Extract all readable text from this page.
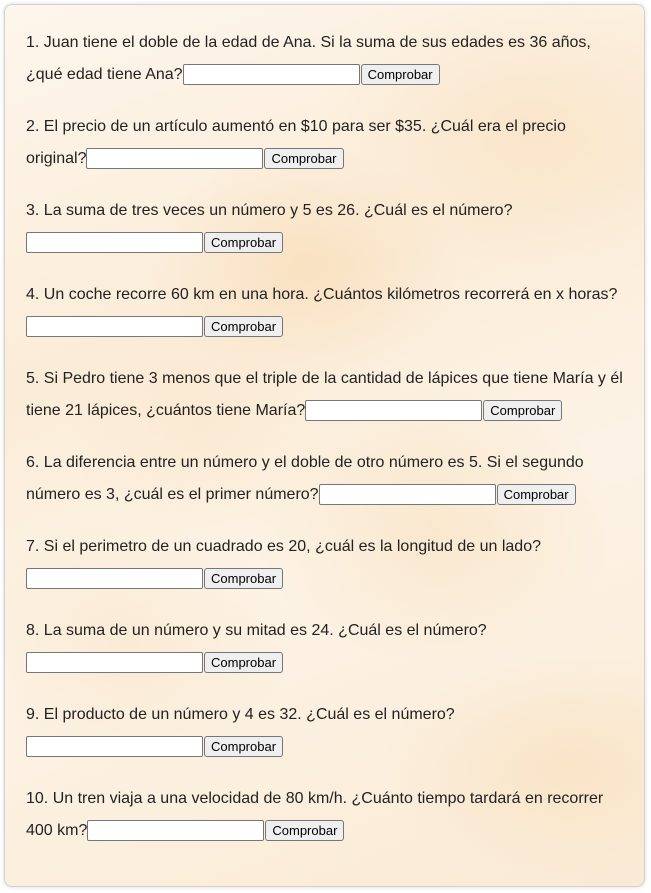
1. Juan tiene el doble de la edad de Ana. Si la suma de sus edades es 36 años, ¿qué edad tiene Ana?	Comprobar
2. El precio de un artículo aumentó en $10 para ser $35. ¿Cuál era el precio original?	Comprobar
3. La suma de tres veces un número y 5 es 26. ¿Cuál es el número?
Comprobar
4. Un coche recorre 60 km en una hora. ¿Cuántos kilómetros recorrerá en x horas?
Comprobar
5. Si Pedro tiene 3 menos que el triple de la cantidad de lápices que tiene María y él tiene 21 lápices, ¿cuántos tiene María?	Comprobar
6. La diferencia entre un número y el doble de otro número es 5. Si el segundo número es 3, ¿cuál es el primer número?	Comprobar
7. Si el perimetro de un cuadrado es 20, ¿cuál es la longitud de un lado?
Comprobar
8. La suma de un número y su mitad es 24. ¿Cuál es el número?
Comprobar
9. El producto de un número y 4 es 32. ¿Cuál es el número?
Comprobar
10. Un tren viaja a una velocidad de 80 km/h. ¿Cuánto tiempo tardará en recorrer 400 km?	Comprobar
